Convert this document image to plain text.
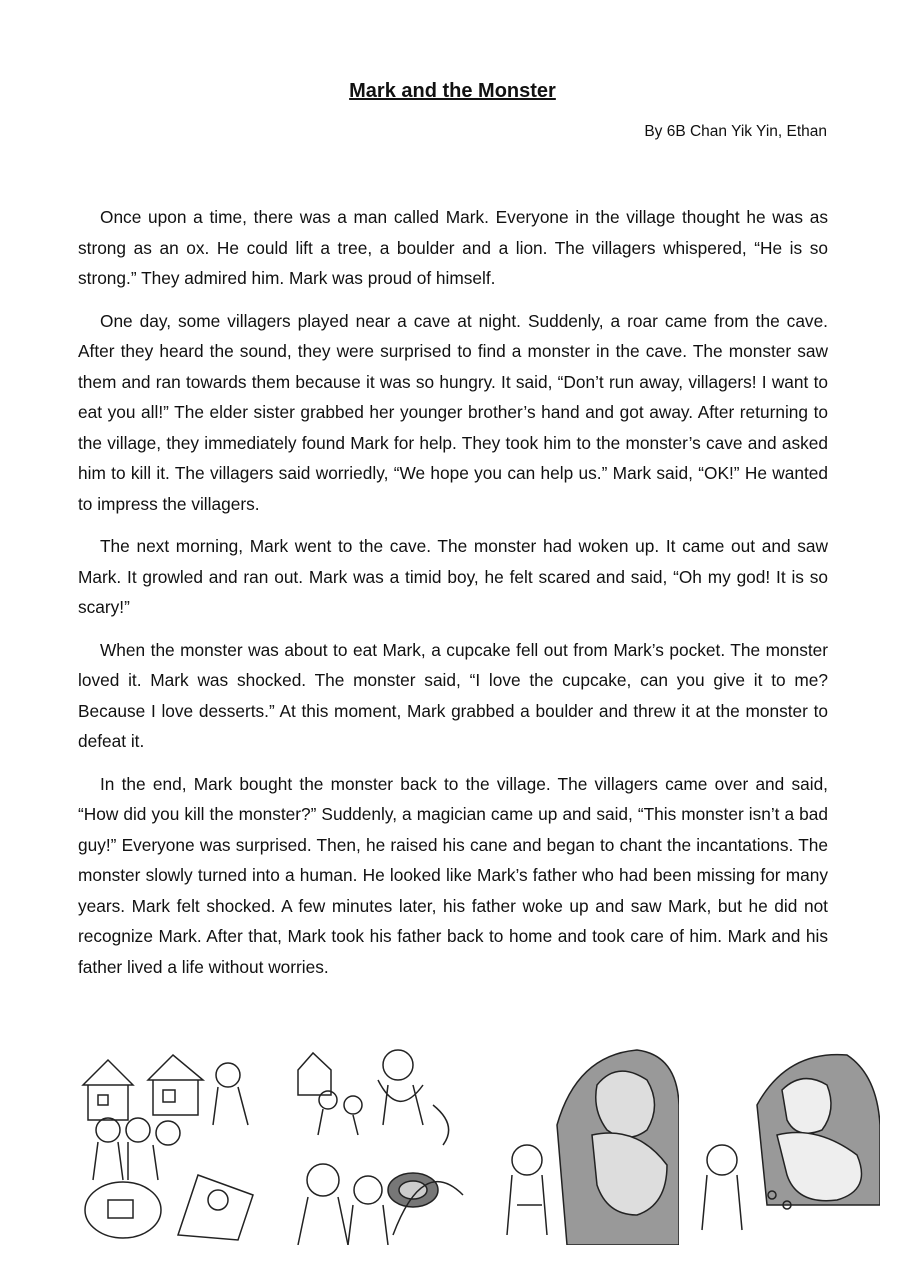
Mark and the Monster
By 6B Chan Yik Yin, Ethan

Once upon a time, there was a man called Mark. Everyone in the village thought he was as strong as an ox. He could lift a tree, a boulder and a lion. The villagers whispered, “He is so strong.” They admired him. Mark was proud of himself.

One day, some villagers played near a cave at night. Suddenly, a roar came from the cave. After they heard the sound, they were surprised to find a monster in the cave. The monster saw them and ran towards them because it was so hungry. It said, “Don’t run away, villagers! I want to eat you all!” The elder sister grabbed her younger brother’s hand and got away. After returning to the village, they immediately found Mark for help. They took him to the monster’s cave and asked him to kill it. The villagers said worriedly, “We hope you can help us.” Mark said, “OK!” He wanted to impress the villagers.

The next morning, Mark went to the cave. The monster had woken up. It came out and saw Mark. It growled and ran out. Mark was a timid boy, he felt scared and said, “Oh my god! It is so scary!”

When the monster was about to eat Mark, a cupcake fell out from Mark’s pocket. The monster loved it. Mark was shocked. The monster said, “I love the cupcake, can you give it to me? Because I love desserts.” At this moment, Mark grabbed a boulder and threw it at the monster to defeat it.

In the end, Mark bought the monster back to the village. The villagers came over and said, “How did you kill the monster?” Suddenly, a magician came up and said, “This monster isn’t a bad guy!” Everyone was surprised. Then, he raised his cane and began to chant the incantations. The monster slowly turned into a human. He looked like Mark’s father who had been missing for many years. Mark felt shocked. A few minutes later, his father woke up and saw Mark, but he did not recognize Mark. After that, Mark took his father back to home and took care of him. Mark and his father lived a life without worries.
